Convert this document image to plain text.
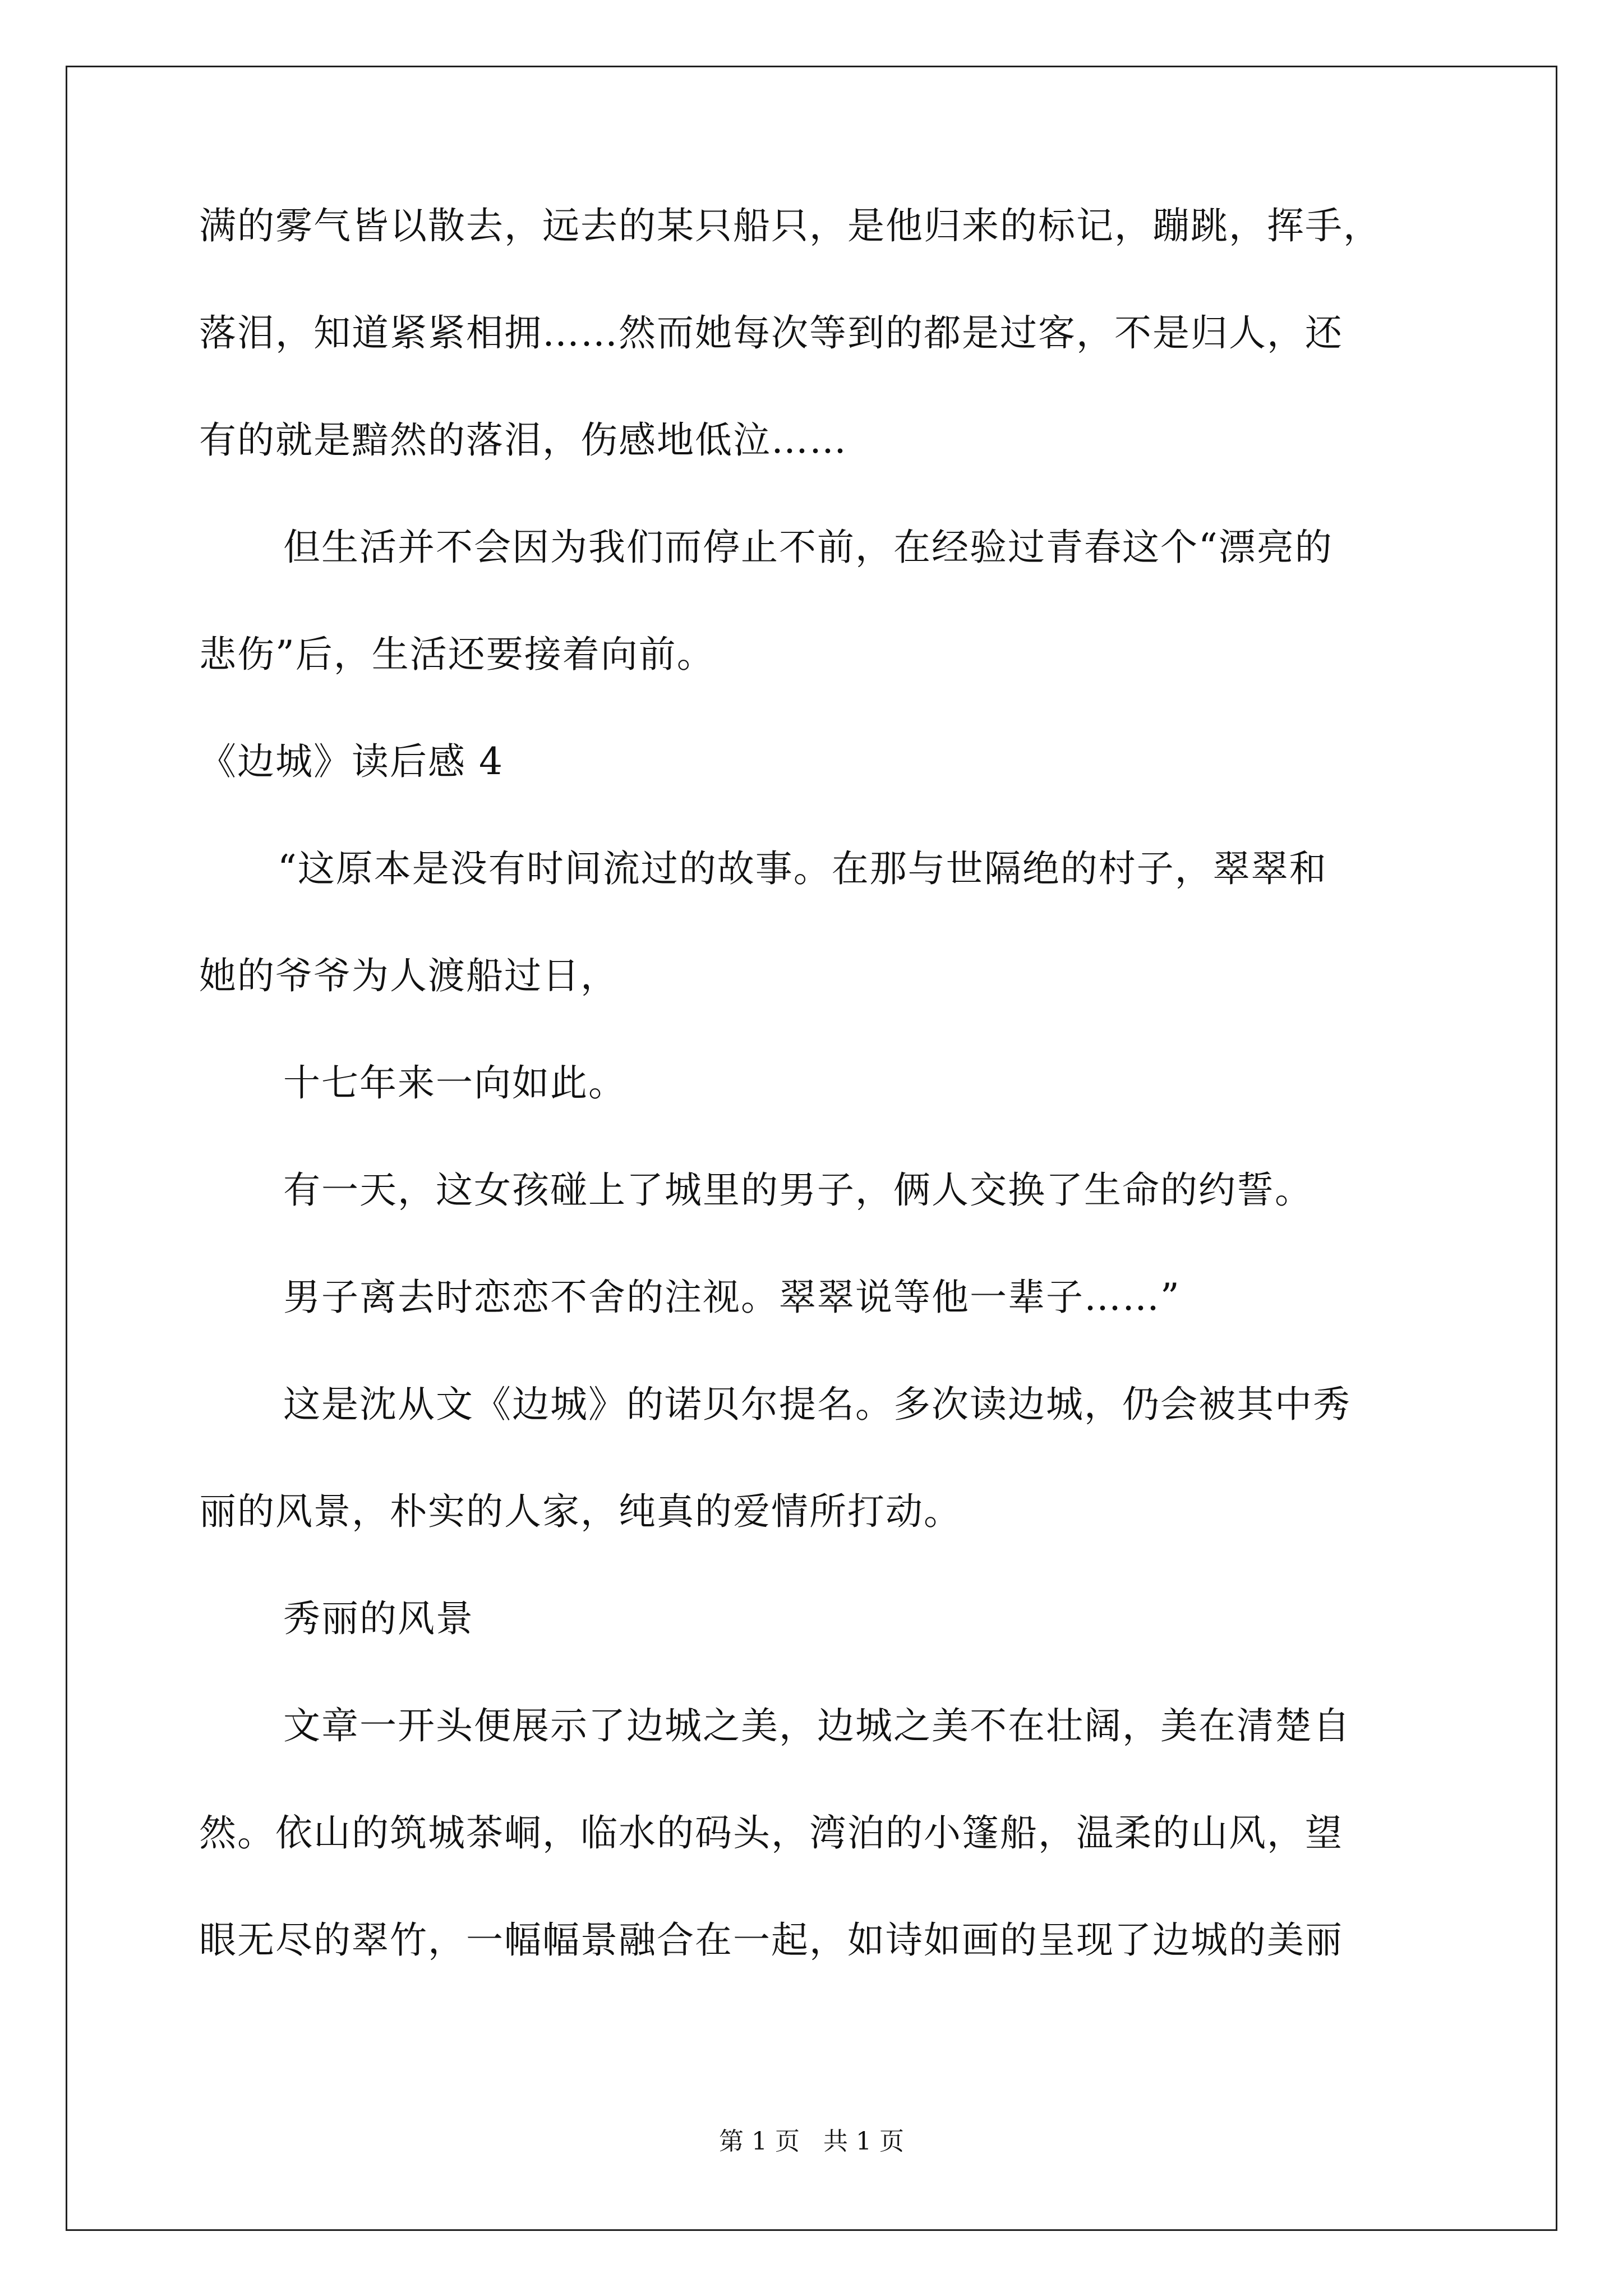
满的雾气皆以散去，远去的某只船只，是他归来的标记，蹦跳，挥手，
落泪，知道紧紧相拥……然而她每次等到的都是过客，不是归人，还
有的就是黯然的落泪，伤感地低泣……
但生活并不会因为我们而停止不前，在经验过青春这个“漂亮的
悲伤”后，生活还要接着向前。
《边城》读后感 4
“这原本是没有时间流过的故事。在那与世隔绝的村子，翠翠和
她的爷爷为人渡船过日，
十七年来一向如此。
有一天，这女孩碰上了城里的男子，俩人交换了生命的约誓。
男子离去时恋恋不舍的注视。翠翠说等他一辈子……”
这是沈从文《边城》的诺贝尔提名。多次读边城，仍会被其中秀
丽的风景，朴实的人家，纯真的爱情所打动。
秀丽的风景
文章一开头便展示了边城之美，边城之美不在壮阔，美在清楚自
然。依山的筑城茶峒，临水的码头，湾泊的小篷船，温柔的山风，望
眼无尽的翠竹，一幅幅景融合在一起，如诗如画的呈现了边城的美丽
第 1 页   共 1 页
